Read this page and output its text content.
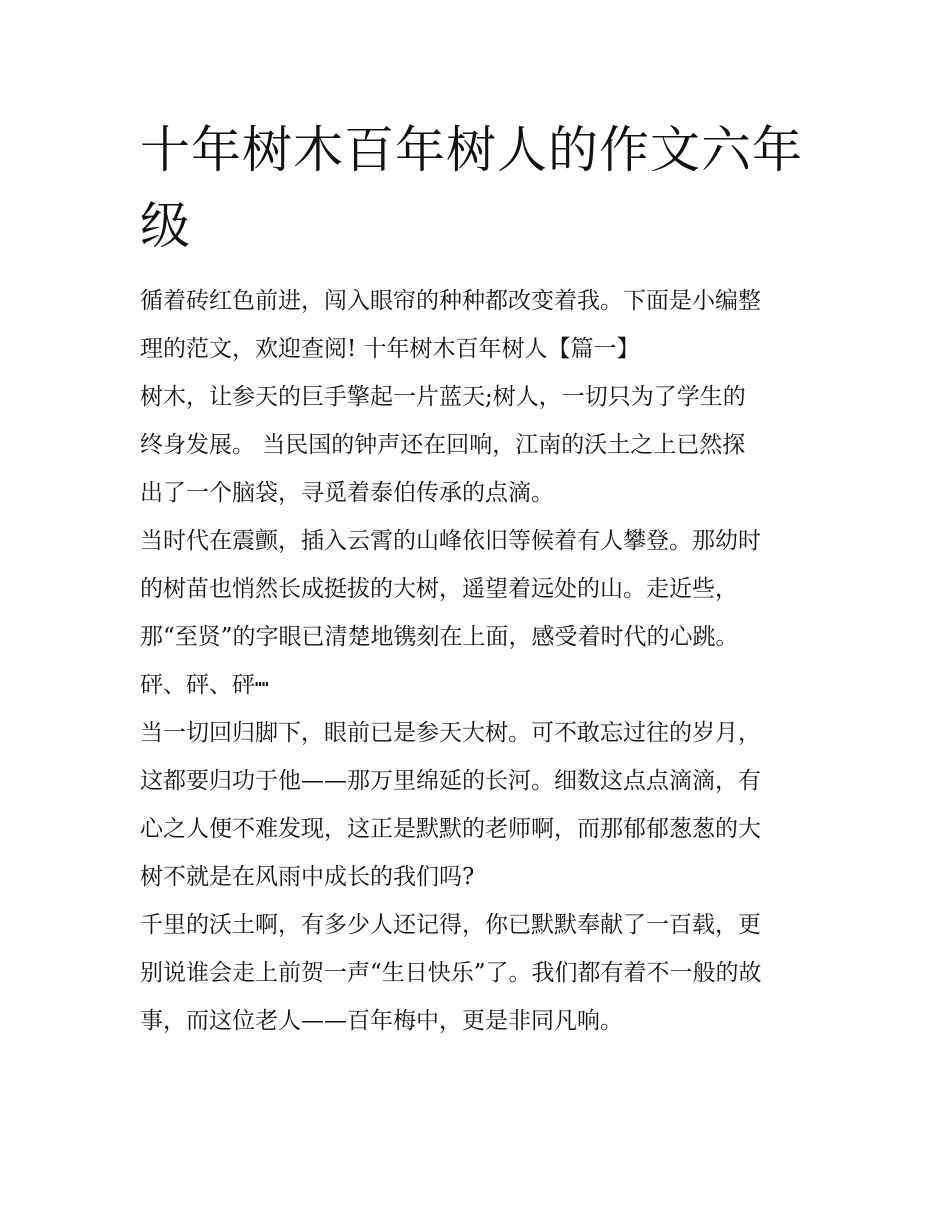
十年树木百年树人的作文六年
级

循着砖红色前进，闯入眼帘的种种都改变着我。下面是小编整
理的范文，欢迎查阅! 十年树木百年树人【篇一】

树木，让参天的巨手擎起一片蓝天;树人，一切只为了学生的
终身发展。 当民国的钟声还在回响，江南的沃土之上已然探
出了一个脑袋，寻觅着泰伯传承的点滴。

当时代在震颤，插入云霄的山峰依旧等候着有人攀登。那幼时
的树苗也悄然长成挺拔的大树，遥望着远处的山。走近些，
那“至贤”的字眼已清楚地镌刻在上面，感受着时代的心跳。

砰、砰、砰┉

当一切回归脚下，眼前已是参天大树。可不敢忘过往的岁月，
这都要归功于他——那万里绵延的长河。细数这点点滴滴，有
心之人便不难发现，这正是默默的老师啊，而那郁郁葱葱的大
树不就是在风雨中成长的我们吗?

千里的沃土啊，有多少人还记得，你已默默奉献了一百载，更
别说谁会走上前贺一声“生日快乐”了。我们都有着不一般的故
事，而这位老人——百年梅中，更是非同凡响。
